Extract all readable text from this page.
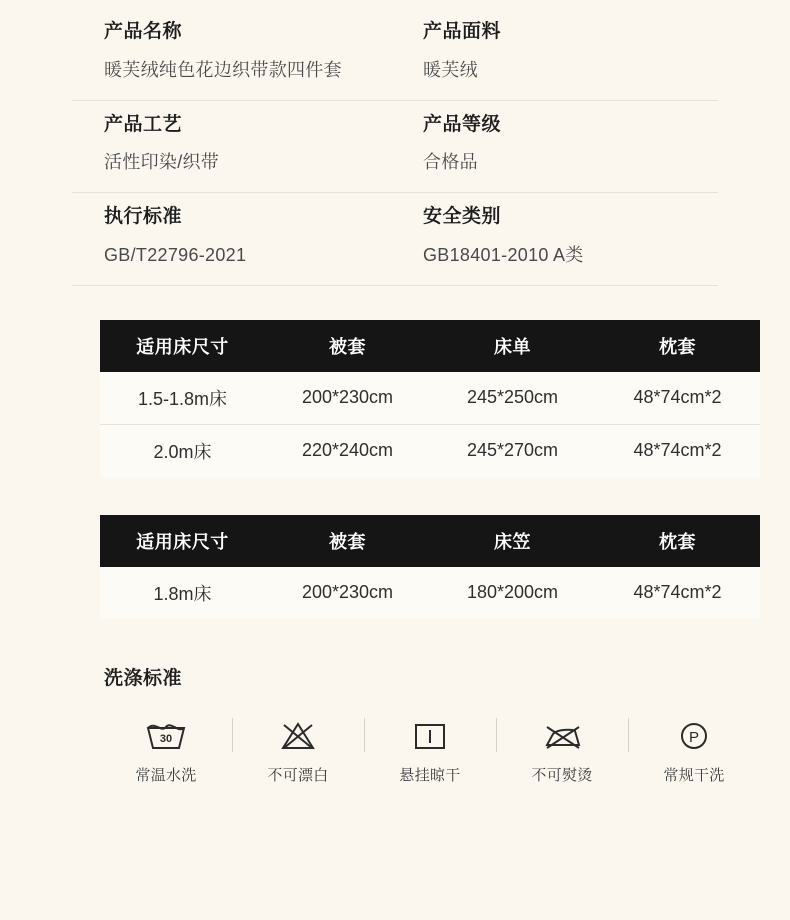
产品名称
暖芙绒纯色花边织带款四件套
产品面料
暖芙绒
产品工艺
活性印染/织带
产品等级
合格品
执行标准
GB/T22796-2021
安全类别
GB18401-2010 A类
适用床尺寸	被套	床单	枕套
1.5-1.8m床	200*230cm	245*250cm	48*74cm*2
2.0m床	220*240cm	245*270cm	48*74cm*2
适用床尺寸	被套	床笠	枕套
1.8m床	200*230cm	180*200cm	48*74cm*2
洗涤标准
30
常温水洗	不可漂白	悬挂晾干	不可熨烫
P
常规干洗
